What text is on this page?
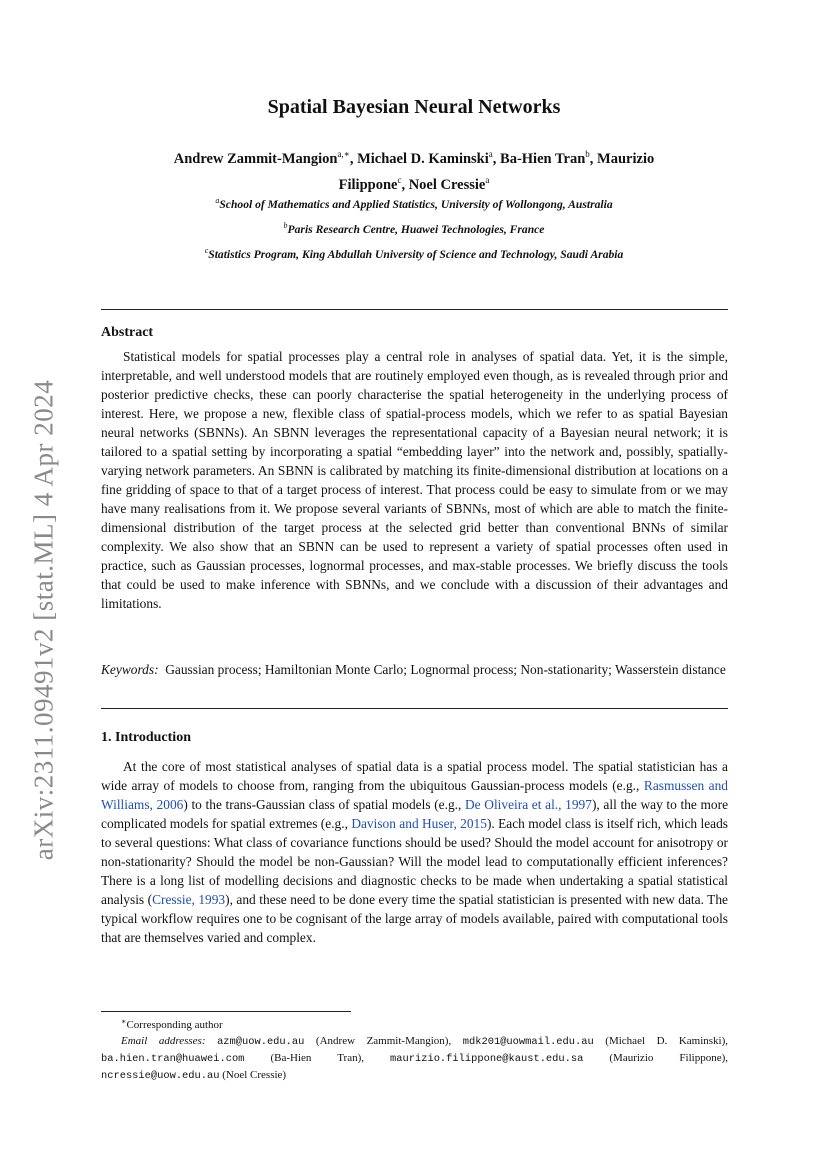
arXiv:2311.09491v2 [stat.ML] 4 Apr 2024
Spatial Bayesian Neural Networks
Andrew Zammit-Mangion$^{a,∗}$, Michael D. Kaminski$^a$, Ba-Hien Tran$^b$, Maurizio
Filippone$^c$, Noel Cressie$^a$
$^a$School of Mathematics and Applied Statistics, University of Wollongong, Australia
$^b$Paris Research Centre, Huawei Technologies, France
$^c$Statistics Program, King Abdullah University of Science and Technology, Saudi Arabia
Abstract
Statistical models for spatial processes play a central role in analyses of spatial data. Yet, it is the simple, interpretable, and well understood models that are routinely employed even though, as is revealed through prior and posterior predictive checks, these can poorly characterise the spatial heterogeneity in the underlying process of interest. Here, we propose a new, flexible class of spatial-process models, which we refer to as spatial Bayesian neural networks (SBNNs). An SBNN leverages the representational capacity of a Bayesian neural network; it is tailored to a spatial setting by incorporating a spatial “embedding layer” into the network and, possibly, spatially-varying network parameters. An SBNN is calibrated by matching its finite-dimensional distribution at locations on a fine gridding of space to that of a target process of interest. That process could be easy to simulate from or we may have many realisations from it. We propose several variants of SBNNs, most of which are able to match the finite-dimensional distribution of the target process at the selected grid better than conventional BNNs of similar complexity. We also show that an SBNN can be used to represent a variety of spatial processes often used in practice, such as Gaussian processes, lognormal processes, and max-stable processes. We briefly discuss the tools that could be used to make inference with SBNNs, and we conclude with a discussion of their advantages and limitations.
Keywords: Gaussian process; Hamiltonian Monte Carlo; Lognormal process; Non-stationarity; Wasserstein distance
1. Introduction
At the core of most statistical analyses of spatial data is a spatial process model. The spatial statistician has a wide array of models to choose from, ranging from the ubiquitous Gaussian-process models (e.g., Rasmussen and Williams, 2006) to the trans-Gaussian class of spatial models (e.g., De Oliveira et al., 1997), all the way to the more complicated models for spatial extremes (e.g., Davison and Huser, 2015). Each model class is itself rich, which leads to several questions: What class of covariance functions should be used? Should the model account for anisotropy or non-stationarity? Should the model be non-Gaussian? Will the model lead to computationally efficient inferences? There is a long list of modelling decisions and diagnostic checks to be made when undertaking a spatial statistical analysis (Cressie, 1993), and these need to be done every time the spatial statistician is presented with new data. The typical workflow requires one to be cognisant of the large array of models available, paired with computational tools that are themselves varied and complex.
∗Corresponding author
Email addresses: azm@uow.edu.au (Andrew Zammit-Mangion), mdk201@uowmail.edu.au (Michael D. Kaminski), ba.hien.tran@huawei.com (Ba-Hien Tran), maurizio.filippone@kaust.edu.sa (Maurizio Filippone), ncressie@uow.edu.au (Noel Cressie)
